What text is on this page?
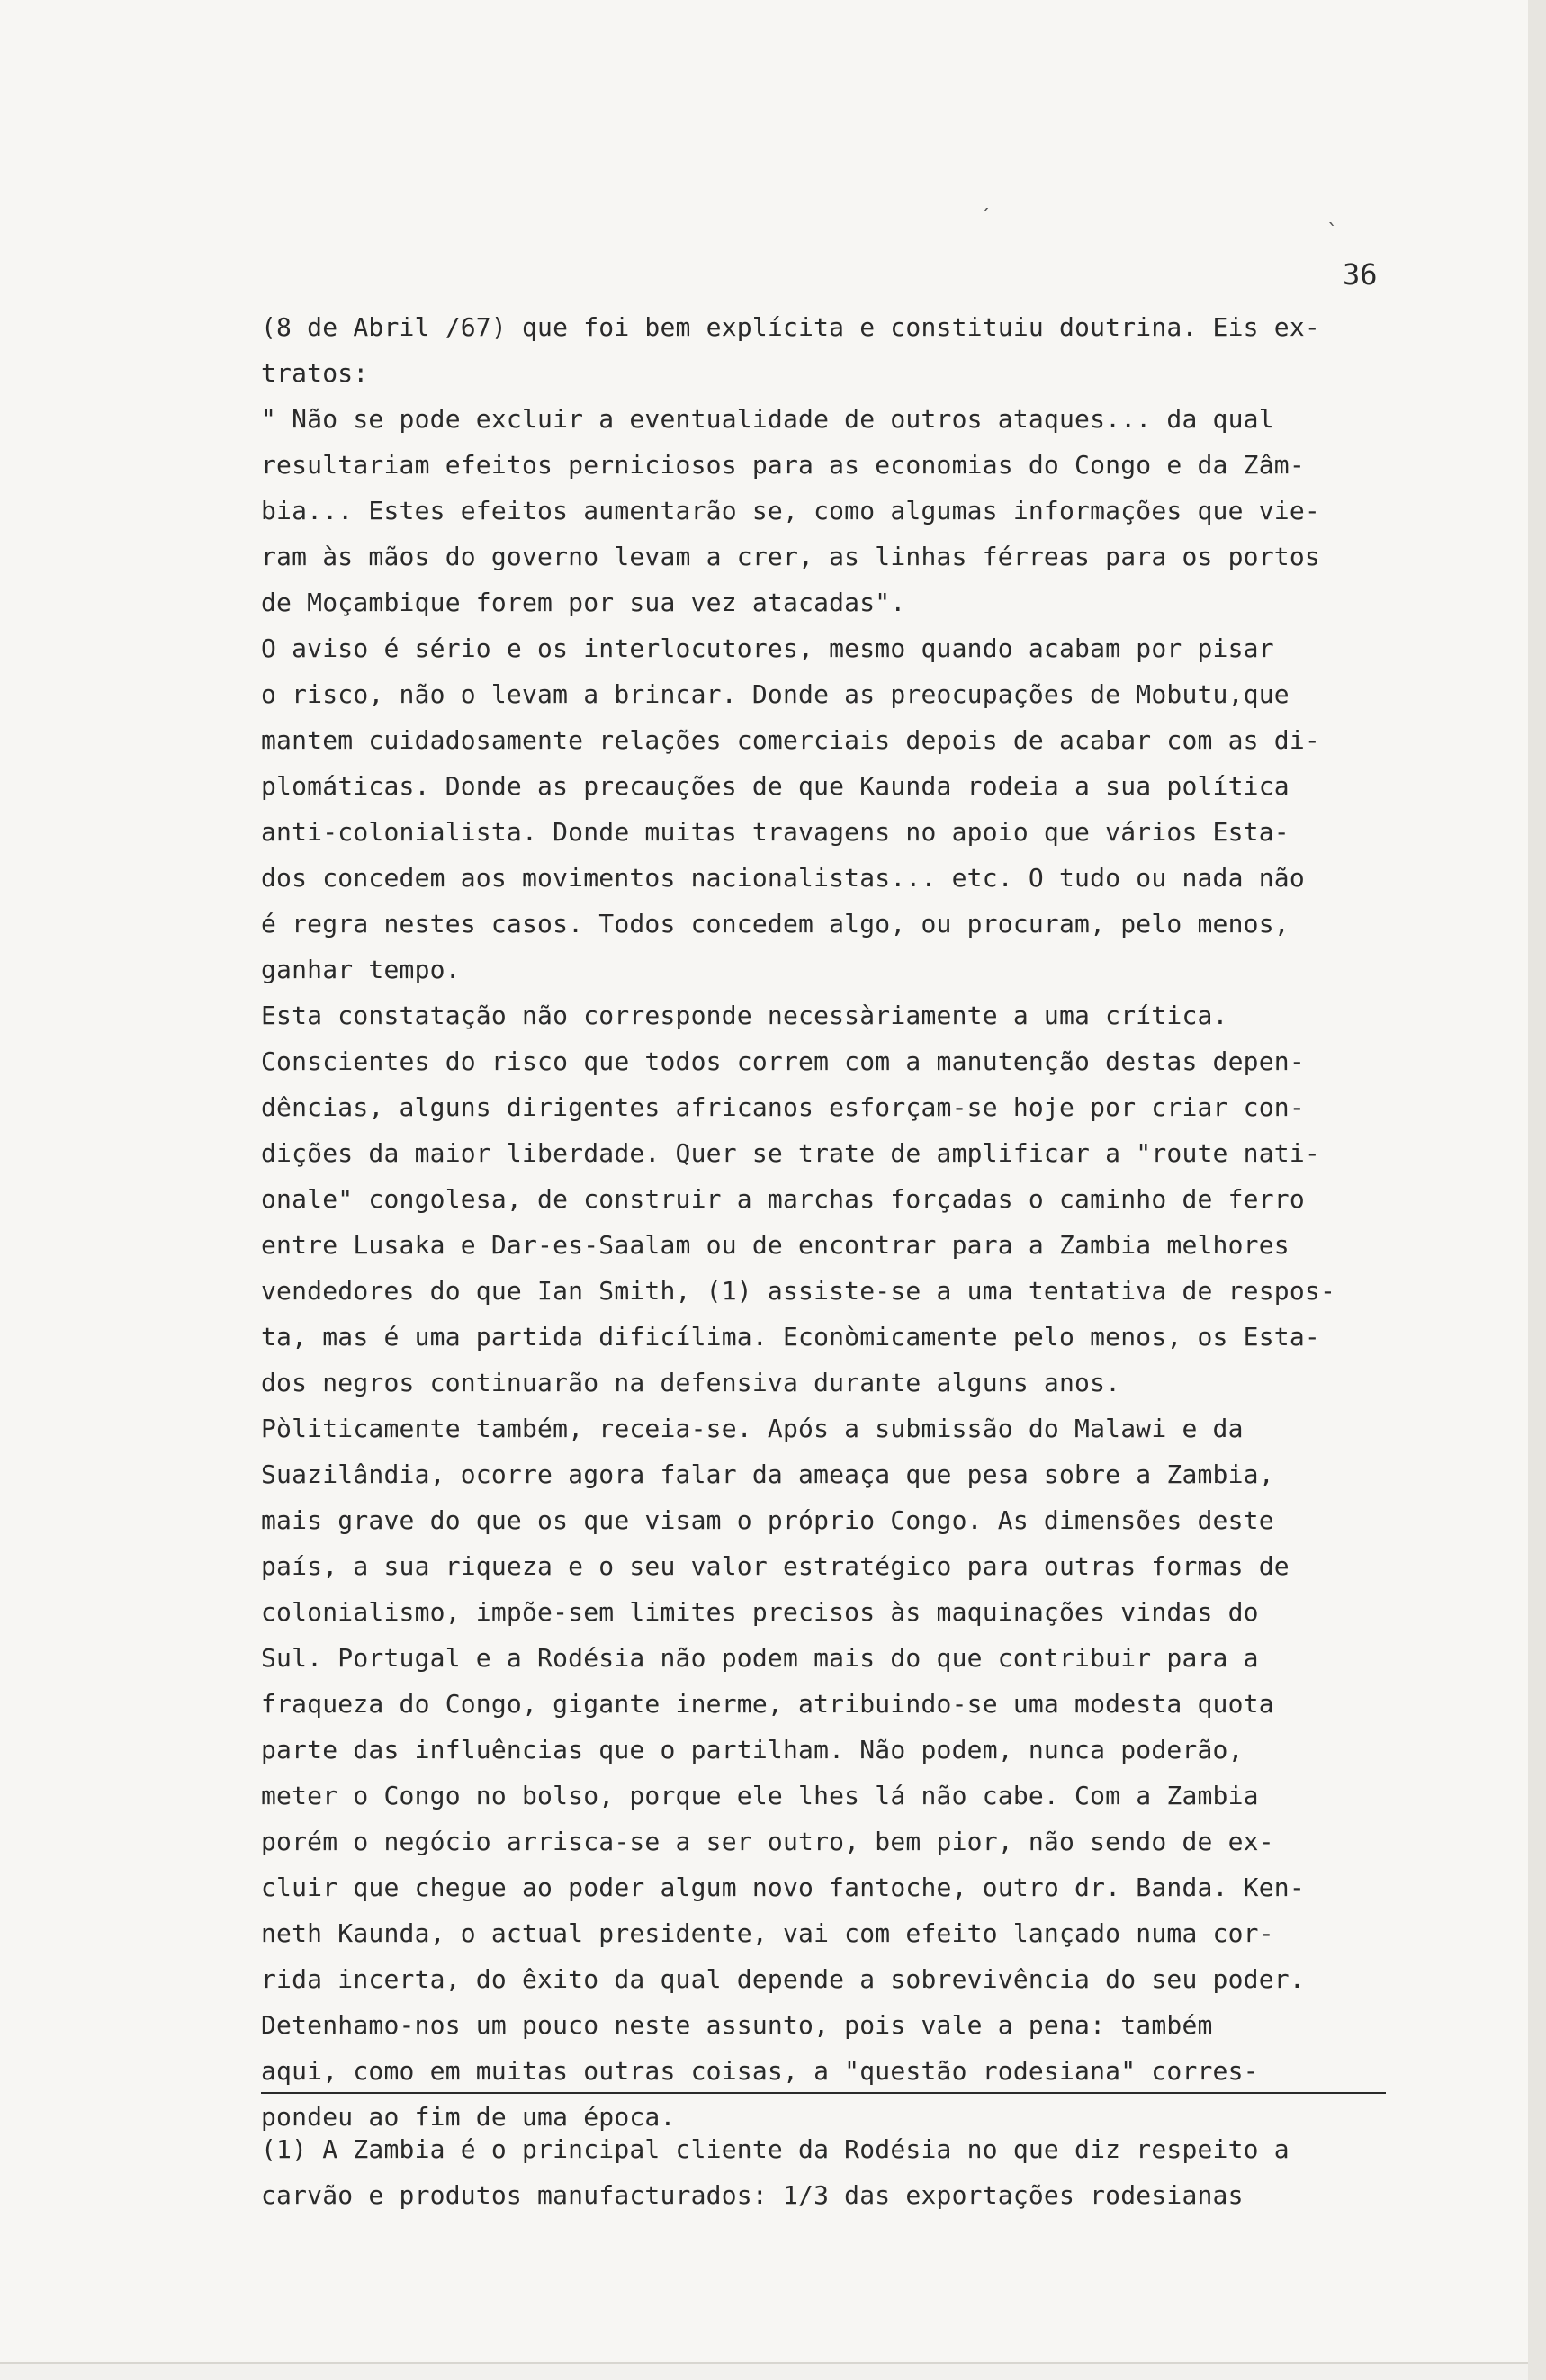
36
(8 de Abril /67) que foi bem explícita e constituiu doutrina. Eis ex-
tratos:
" Não se pode excluir a eventualidade de outros ataques... da qual
resultariam efeitos perniciosos para as economias do Congo e da Zâm-
bia... Estes efeitos aumentarão se, como algumas informações que vie-
ram às mãos do governo levam a crer, as linhas férreas para os portos
de Moçambique forem por sua vez atacadas".
O aviso é sério e os interlocutores, mesmo quando acabam por pisar
o risco, não o levam a brincar. Donde as preocupações de Mobutu,que
mantem cuidadosamente relações comerciais depois de acabar com as di-
plomáticas. Donde as precauções de que Kaunda rodeia a sua política
anti-colonialista. Donde muitas travagens no apoio que vários Esta-
dos concedem aos movimentos nacionalistas... etc. O tudo ou nada não
é regra nestes casos. Todos concedem algo, ou procuram, pelo menos,
ganhar tempo.
Esta constatação não corresponde necessàriamente a uma crítica.
Conscientes do risco que todos correm com a manutenção destas depen-
dências, alguns dirigentes africanos esforçam-se hoje por criar con-
dições da maior liberdade. Quer se trate de amplificar a "route nati-
onale" congolesa, de construir a marchas forçadas o caminho de ferro
entre Lusaka e Dar-es-Saalam ou de encontrar para a Zambia melhores
vendedores do que Ian Smith, (1) assiste-se a uma tentativa de respos-
ta, mas é uma partida dificílima. Econòmicamente pelo menos, os Esta-
dos negros continuarão na defensiva durante alguns anos.
Pòliticamente também, receia-se. Após a submissão do Malawi e da
Suazilândia, ocorre agora falar da ameaça que pesa sobre a Zambia,
mais grave do que os que visam o próprio Congo. As dimensões deste
país, a sua riqueza e o seu valor estratégico para outras formas de
colonialismo, impõe-sem limites precisos às maquinações vindas do
Sul. Portugal e a Rodésia não podem mais do que contribuir para a
fraqueza do Congo, gigante inerme, atribuindo-se uma modesta quota
parte das influências que o partilham. Não podem, nunca poderão,
meter o Congo no bolso, porque ele lhes lá não cabe. Com a Zambia
porém o negócio arrisca-se a ser outro, bem pior, não sendo de ex-
cluir que chegue ao poder algum novo fantoche, outro dr. Banda. Ken-
neth Kaunda, o actual presidente, vai com efeito lançado numa cor-
rida incerta, do êxito da qual depende a sobrevivência do seu poder.
Detenhamo-nos um pouco neste assunto, pois vale a pena: também
aqui, como em muitas outras coisas, a "questão rodesiana" corres-
pondeu ao fim de uma época.
(1) A Zambia é o principal cliente da Rodésia no que diz respeito a
carvão e produtos manufacturados: 1/3 das exportações rodesianas
`
´
